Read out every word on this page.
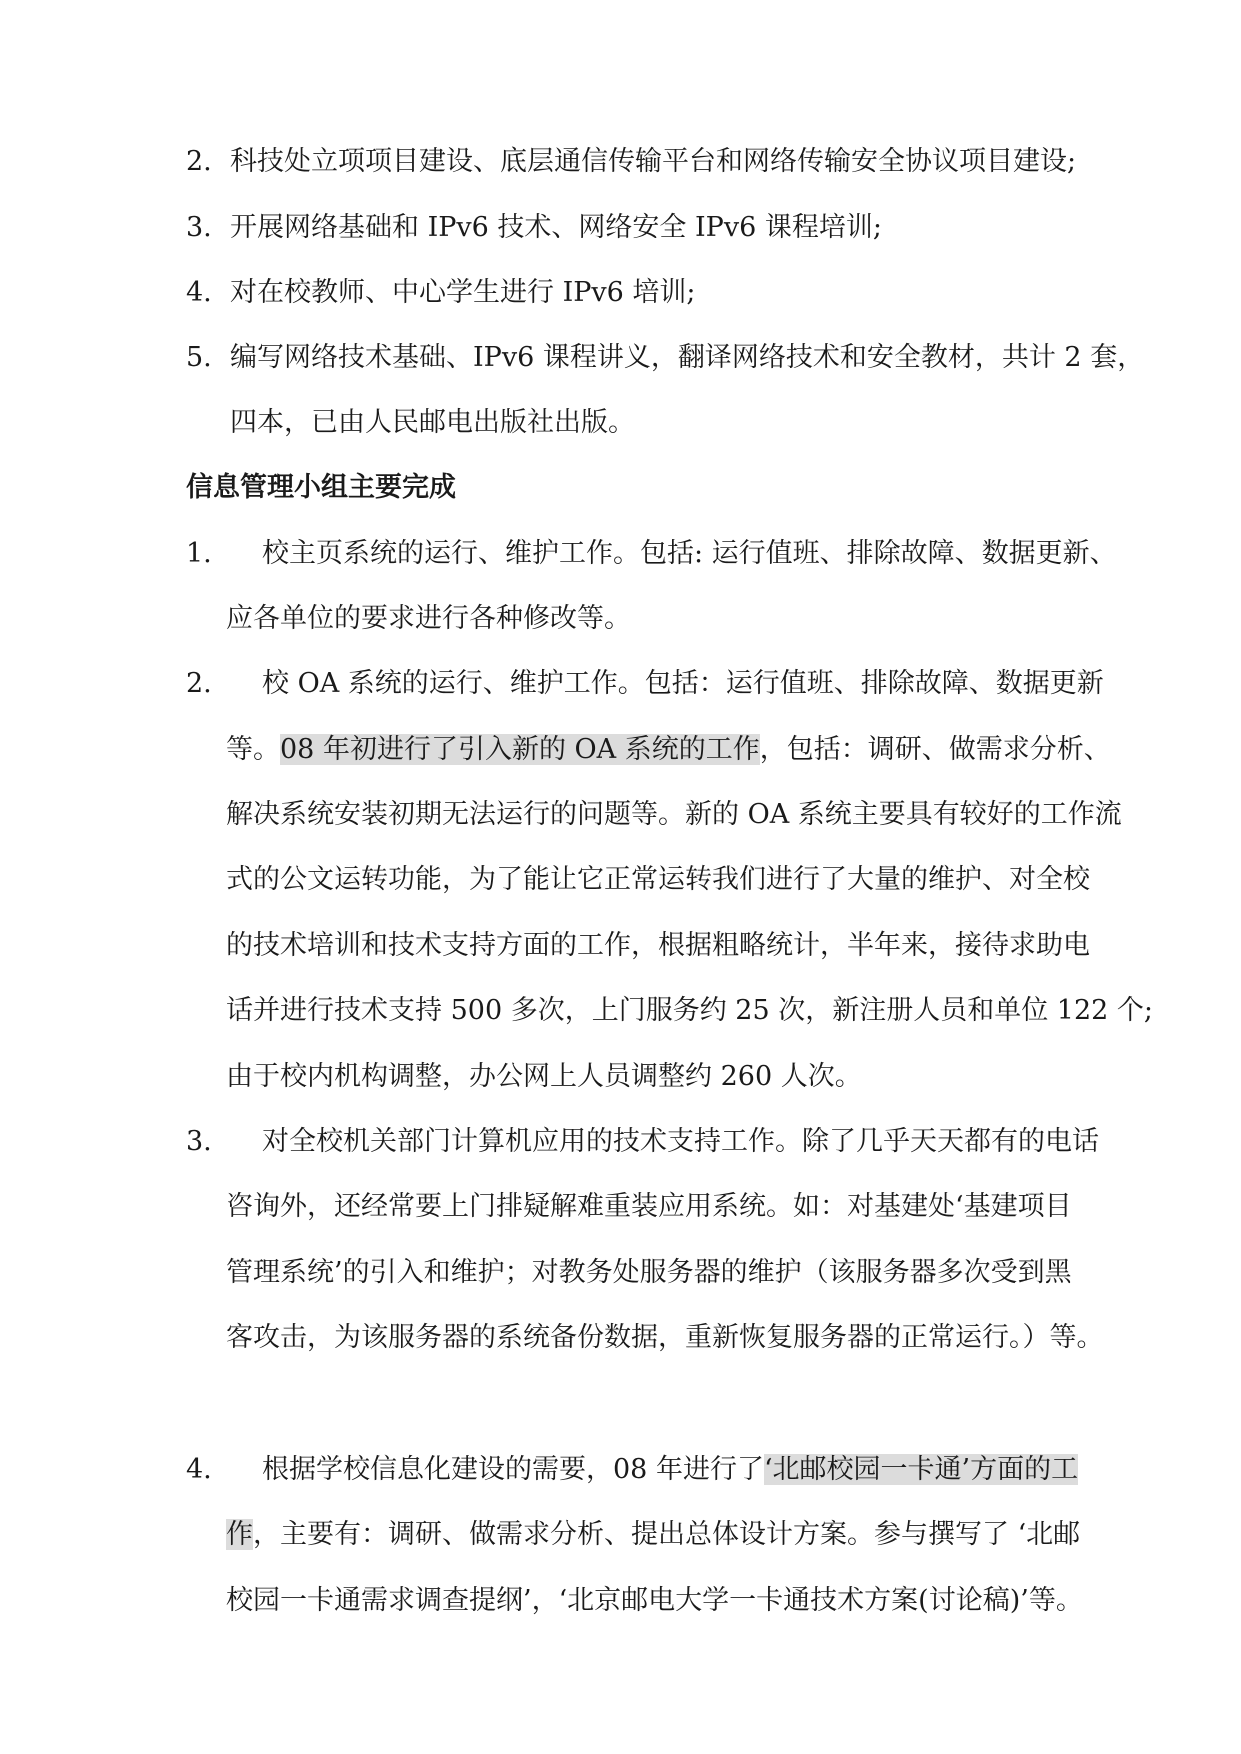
2. 科技处立项项目建设、底层通信传输平台和网络传输安全协议项目建设;
3. 开展网络基础和 IPv6 技术、网络安全 IPv6 课程培训;
4. 对在校教师、中心学生进行 IPv6 培训;
5. 编写网络技术基础、IPv6 课程讲义，翻译网络技术和安全教材，共计 2 套，
四本，已由人民邮电出版社出版。
信息管理小组主要完成
1. 校主页系统的运行、维护工作。包括: 运行值班、排除故障、数据更新、
应各单位的要求进行各种修改等。
2. 校 OA 系统的运行、维护工作。包括：运行值班、排除故障、数据更新
等。08 年初进行了引入新的 OA 系统的工作，包括：调研、做需求分析、
解决系统安装初期无法运行的问题等。新的 OA 系统主要具有较好的工作流
式的公文运转功能，为了能让它正常运转我们进行了大量的维护、对全校
的技术培训和技术支持方面的工作，根据粗略统计，半年来，接待求助电
话并进行技术支持 500 多次，上门服务约 25 次，新注册人员和单位 122 个;
由于校内机构调整，办公网上人员调整约 260 人次。
3. 对全校机关部门计算机应用的技术支持工作。除了几乎天天都有的电话
咨询外，还经常要上门排疑解难重装应用系统。如：对基建处‘基建项目
管理系统’的引入和维护；对教务处服务器的维护（该服务器多次受到黑
客攻击，为该服务器的系统备份数据，重新恢复服务器的正常运行。）等。
4. 根据学校信息化建设的需要，08 年进行了‘北邮校园一卡通’方面的工
作，主要有：调研、做需求分析、提出总体设计方案。参与撰写了 ‘北邮
校园一卡通需求调查提纲’，‘北京邮电大学一卡通技术方案(讨论稿)’等。
